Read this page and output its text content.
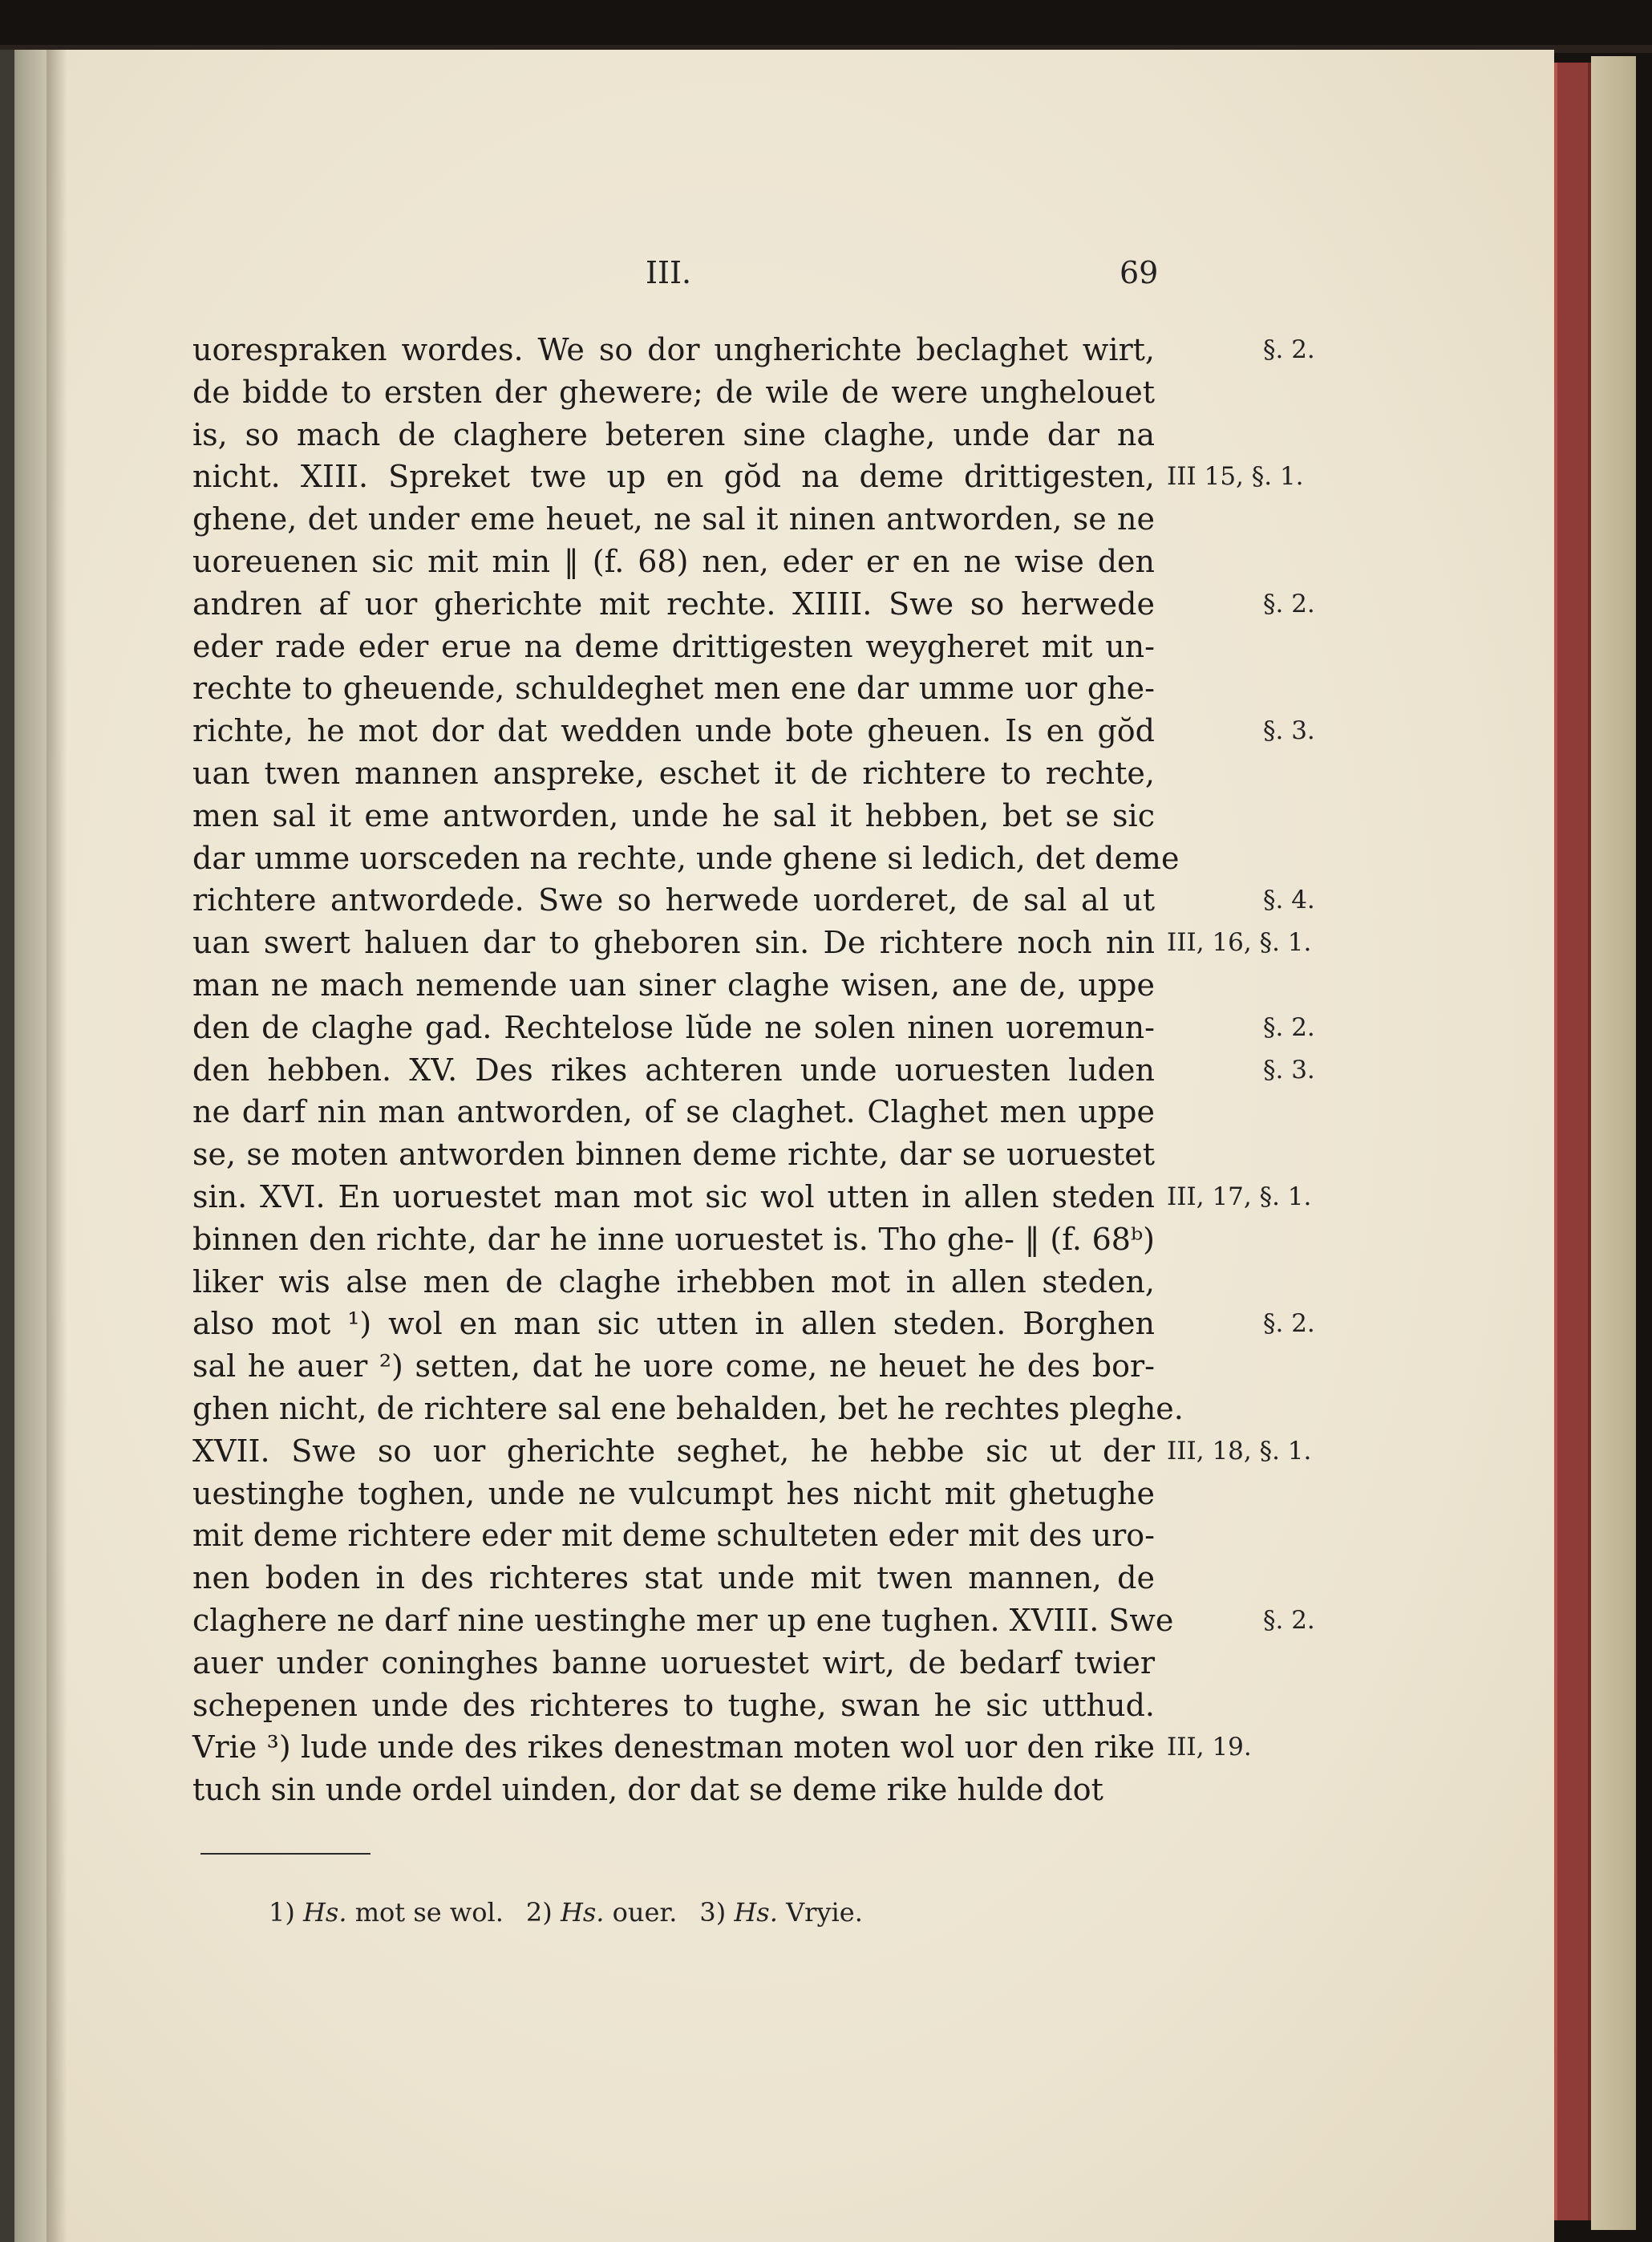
III.	69
uorespraken wordes. We so dor ungherichte beclaghet wirt,
de bidde to ersten der ghewere; de wile de were unghelouet
is, so mach de claghere beteren sine claghe, unde dar na
nicht. XIII. Spreket twe up en gŏd na deme drittigesten,
ghene, det under eme heuet, ne sal it ninen antworden, se ne
uoreuenen sic mit min ‖ (f. 68) nen, eder er en ne wise den
andren af uor gherichte mit rechte. XIIII. Swe so herwede
eder rade eder erue na deme drittigesten weygheret mit un-
rechte to gheuende, schuldeghet men ene dar umme uor ghe-
richte, he mot dor dat wedden unde bote gheuen. Is en gŏd
uan twen mannen anspreke, eschet it de richtere to rechte,
men sal it eme antworden, unde he sal it hebben, bet se sic
dar umme uorsceden na rechte, unde ghene si ledich, det deme
richtere antwordede. Swe so herwede uorderet, de sal al ut
uan swert haluen dar to gheboren sin. De richtere noch nin
man ne mach nemende uan siner claghe wisen, ane de, uppe
den de claghe gad. Rechtelose lŭde ne solen ninen uoremun-
den hebben. XV. Des rikes achteren unde uoruesten luden
ne darf nin man antworden, of se claghet. Claghet men uppe
se, se moten antworden binnen deme richte, dar se uoruestet
sin. XVI. En uoruestet man mot sic wol utten in allen steden
binnen den richte, dar he inne uoruestet is. Tho ghe- ‖ (f. 68ᵇ)
liker wis alse men de claghe irhebben mot in allen steden,
also mot ¹) wol en man sic utten in allen steden. Borghen
sal he auer ²) setten, dat he uore come, ne heuet he des bor-
ghen nicht, de richtere sal ene behalden, bet he rechtes pleghe.
XVII. Swe so uor gherichte seghet, he hebbe sic ut der
uestinghe toghen, unde ne vulcumpt hes nicht mit ghetughe
mit deme richtere eder mit deme schulteten eder mit des uro-
nen boden in des richteres stat unde mit twen mannen, de
claghere ne darf nine uestinghe mer up ene tughen. XVIII. Swe
auer under coninghes banne uoruestet wirt, de bedarf twier
schepenen unde des richteres to tughe, swan he sic utthud.
Vrie ³) lude unde des rikes denestman moten wol uor den rike
tuch sin unde ordel uinden, dor dat se deme rike hulde dot
§. 2.
III 15, §. 1.
§. 2.
§. 3.
§. 4.
III, 16, §. 1.
§. 2.
§. 3.
III, 17, §. 1.
§. 2.
III, 18, §. 1.
§. 2.
III, 19.
1) Hs. mot se wol. 2) Hs. ouer. 3) Hs. Vryie.
